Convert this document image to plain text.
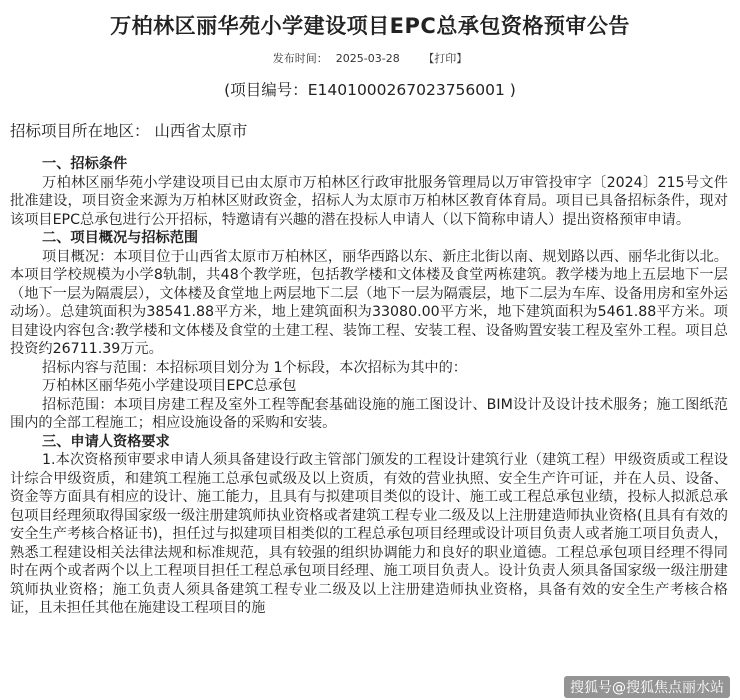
万柏林区丽华苑小学建设项目EPC总承包资格预审公告
发布时间： 2025-03-28 【打印】
(项目编号：E1401000267023756001 )
招标项目所在地区： 山西省太原市

一、招标条件

万柏林区丽华苑小学建设项目已由太原市万柏林区行政审批服务管理局以万审管投审字〔2024〕215号文件批准建设，项目资金来源为万柏林区财政资金，招标人为太原市万柏林区教育体育局。项目已具备招标条件，现对该项目EPC总承包进行公开招标，特邀请有兴趣的潜在投标人申请人（以下简称申请人）提出资格预审申请。

二、项目概况与招标范围

项目概况：本项目位于山西省太原市万柏林区，丽华西路以东、新庄北街以南、规划路以西、丽华北街以北。本项目学校规模为小学8轨制，共48个教学班，包括教学楼和文体楼及食堂两栋建筑。教学楼为地上五层地下一层（地下一层为隔震层），文体楼及食堂地上两层地下二层（地下一层为隔震层，地下二层为车库、设备用房和室外运动场）。总建筑面积为38541.88平方米，地上建筑面积为33080.00平方米，地下建筑面积为5461.88平方米。项目建设内容包含:教学楼和文体楼及食堂的土建工程、装饰工程、安装工程、设备购置安装工程及室外工程。项目总投资约26711.39万元。

招标内容与范围：本招标项目划分为 1个标段，本次招标为其中的：

万柏林区丽华苑小学建设项目EPC总承包

招标范围：本项目房建工程及室外工程等配套基础设施的施工图设计、BIM设计及设计技术服务；施工图纸范围内的全部工程施工；相应设施设备的采购和安装。

三、申请人资格要求

1.本次资格预审要求申请人须具备建设行政主管部门颁发的工程设计建筑行业（建筑工程）甲级资质或工程设计综合甲级资质，和建筑工程施工总承包贰级及以上资质，有效的营业执照、安全生产许可证，并在人员、设备、资金等方面具有相应的设计、施工能力，且具有与拟建项目类似的设计、施工或工程总承包业绩，投标人拟派总承包项目经理须取得国家级一级注册建筑师执业资格或者建筑工程专业二级及以上注册建造师执业资格(且具有有效的安全生产考核合格证书)，担任过与拟建项目相类似的工程总承包项目经理或设计项目负责人或者施工项目负责人，熟悉工程建设相关法律法规和标准规范，具有较强的组织协调能力和良好的职业道德。工程总承包项目经理不得同时在两个或者两个以上工程项目担任工程总承包项目经理、施工项目负责人。设计负责人须具备国家级一级注册建筑师执业资格；施工负责人须具备建筑工程专业二级及以上注册建造师执业资格，具备有效的安全生产考核合格证，且未担任其他在施建设工程项目的施

搜狐号@搜狐焦点丽水站
